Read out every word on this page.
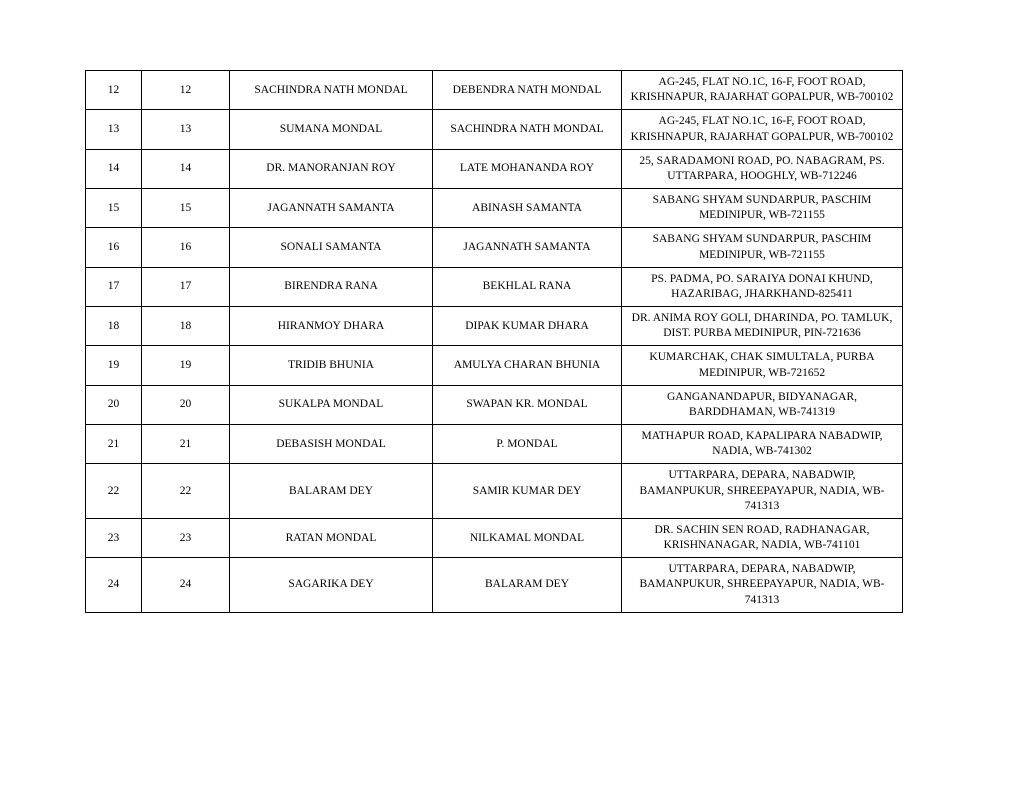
12	12	SACHINDRA NATH MONDAL	DEBENDRA NATH MONDAL	AG-245, FLAT NO.1C, 16-F, FOOT ROAD, KRISHNAPUR, RAJARHAT GOPALPUR, WB-700102
13	13	SUMANA MONDAL	SACHINDRA NATH MONDAL	AG-245, FLAT NO.1C, 16-F, FOOT ROAD, KRISHNAPUR, RAJARHAT GOPALPUR, WB-700102
14	14	DR. MANORANJAN ROY	LATE MOHANANDA ROY	25, SARADAMONI ROAD, PO. NABAGRAM, PS. UTTARPARA, HOOGHLY, WB-712246
15	15	JAGANNATH SAMANTA	ABINASH SAMANTA	SABANG SHYAM SUNDARPUR, PASCHIM MEDINIPUR, WB-721155
16	16	SONALI SAMANTA	JAGANNATH SAMANTA	SABANG SHYAM SUNDARPUR, PASCHIM MEDINIPUR, WB-721155
17	17	BIRENDRA RANA	BEKHLAL RANA	PS. PADMA, PO. SARAIYA DONAI KHUND, HAZARIBAG, JHARKHAND-825411
18	18	HIRANMOY DHARA	DIPAK KUMAR DHARA	DR. ANIMA ROY GOLI, DHARINDA, PO. TAMLUK, DIST. PURBA MEDINIPUR, PIN-721636
19	19	TRIDIB BHUNIA	AMULYA CHARAN BHUNIA	KUMARCHAK, CHAK SIMULTALA, PURBA MEDINIPUR, WB-721652
20	20	SUKALPA MONDAL	SWAPAN KR. MONDAL	GANGANANDAPUR, BIDYANAGAR, BARDDHAMAN, WB-741319
21	21	DEBASISH MONDAL	P. MONDAL	MATHAPUR ROAD, KAPALIPARA NABADWIP, NADIA, WB-741302
22	22	BALARAM DEY	SAMIR KUMAR DEY	UTTARPARA, DEPARA, NABADWIP, BAMANPUKUR, SHREEPAYAPUR, NADIA, WB-741313
23	23	RATAN MONDAL	NILKAMAL MONDAL	DR. SACHIN SEN ROAD, RADHANAGAR, KRISHNANAGAR, NADIA, WB-741101
24	24	SAGARIKA DEY	BALARAM DEY	UTTARPARA, DEPARA, NABADWIP, BAMANPUKUR, SHREEPAYAPUR, NADIA, WB-741313
